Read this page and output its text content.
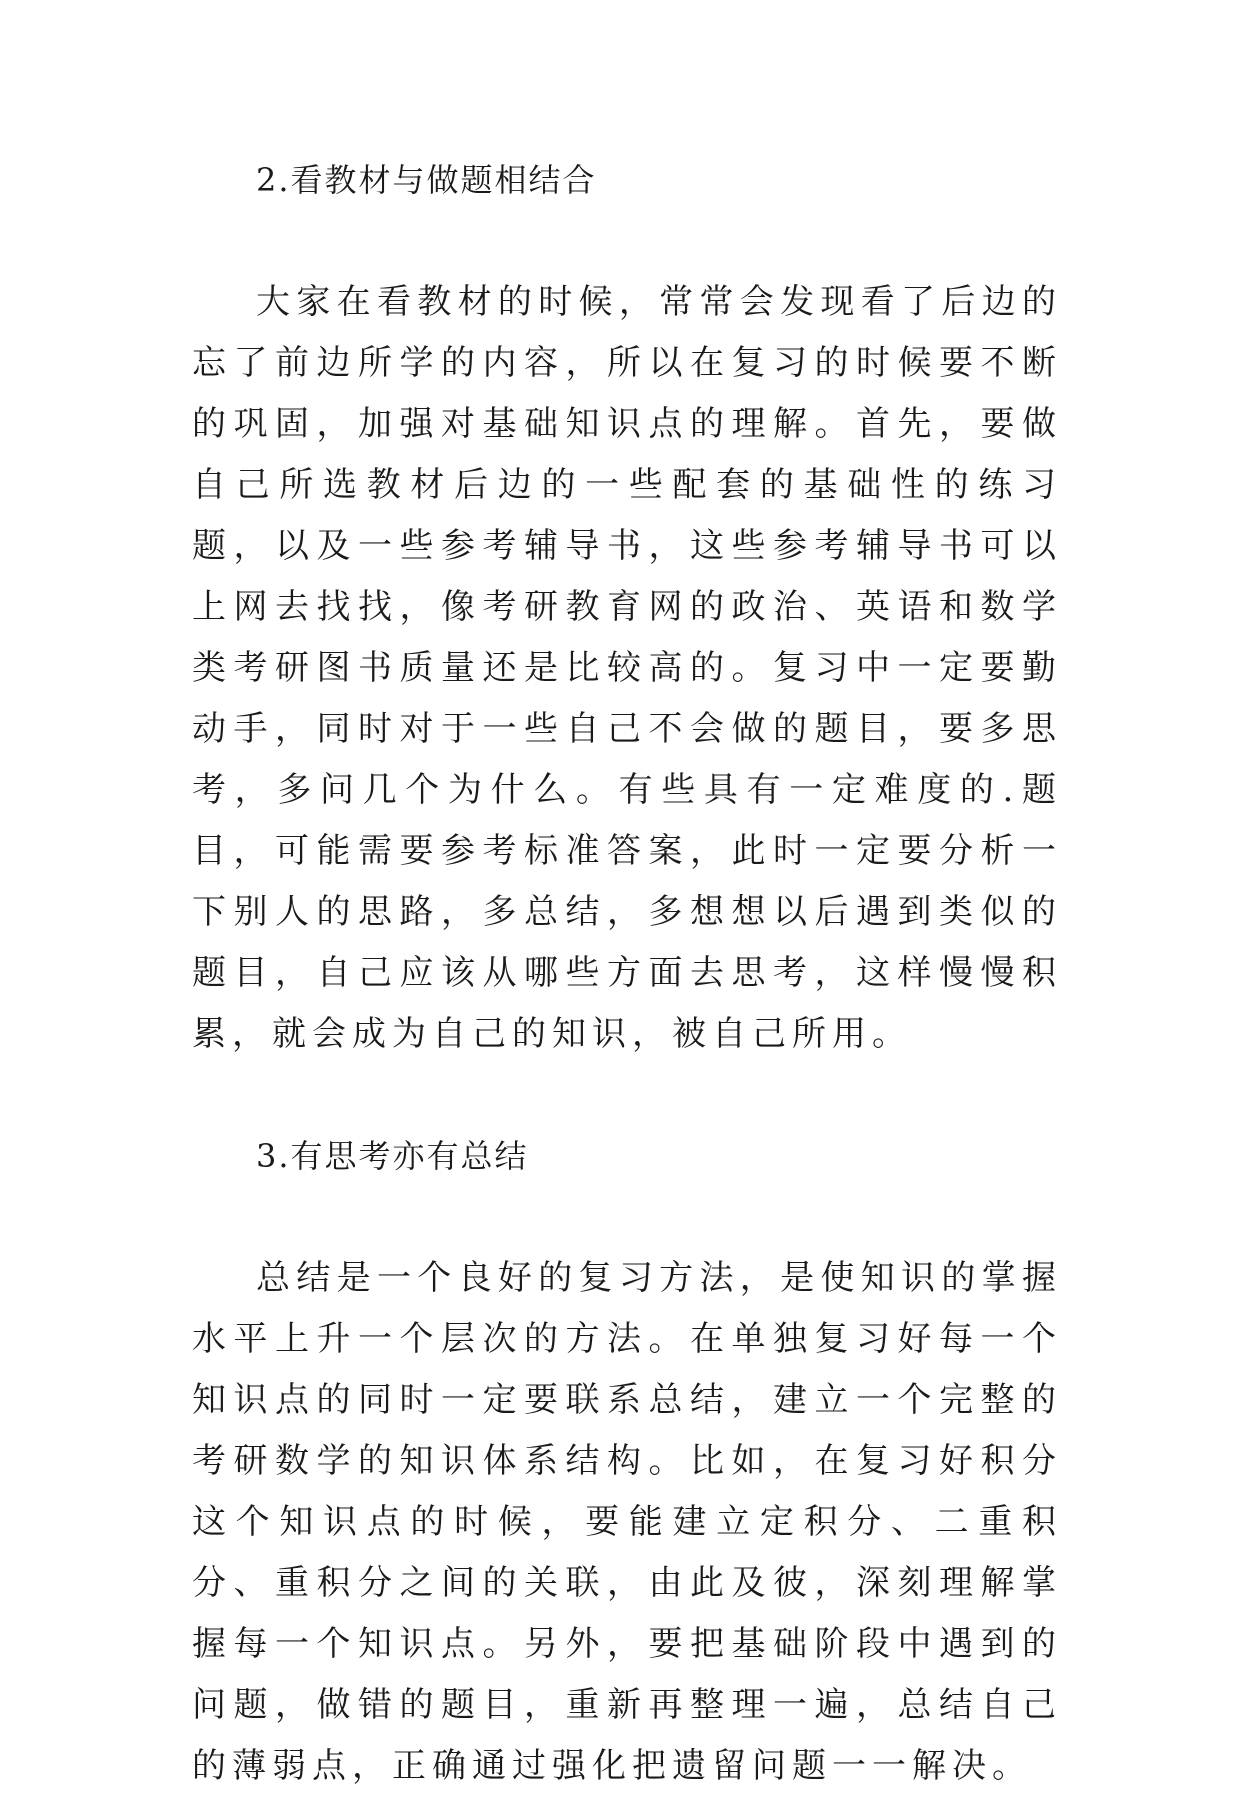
2.看教材与做题相结合

大家在看教材的时候，常常会发现看了后边的忘了前边所学的内容，所以在复习的时候要不断的巩固，加强对基础知识点的理解。首先，要做自己所选教材后边的一些配套的基础性的练习题，以及一些参考辅导书，这些参考辅导书可以上网去找找，像考研教育网的政治、英语和数学类考研图书质量还是比较高的。复习中一定要勤动手，同时对于一些自己不会做的题目，要多思考，多问几个为什么。有些具有一定难度的.题目，可能需要参考标准答案，此时一定要分析一下别人的思路，多总结，多想想以后遇到类似的题目，自己应该从哪些方面去思考，这样慢慢积累，就会成为自己的知识，被自己所用。

3.有思考亦有总结

总结是一个良好的复习方法，是使知识的掌握水平上升一个层次的方法。在单独复习好每一个知识点的同时一定要联系总结，建立一个完整的考研数学的知识体系结构。比如，在复习好积分这个知识点的时候，要能建立定积分、二重积分、重积分之间的关联，由此及彼，深刻理解掌握每一个知识点。另外，要把基础阶段中遇到的问题，做错的题目，重新再整理一遍，总结自己的薄弱点，正确通过强化把遗留问题一一解决。
